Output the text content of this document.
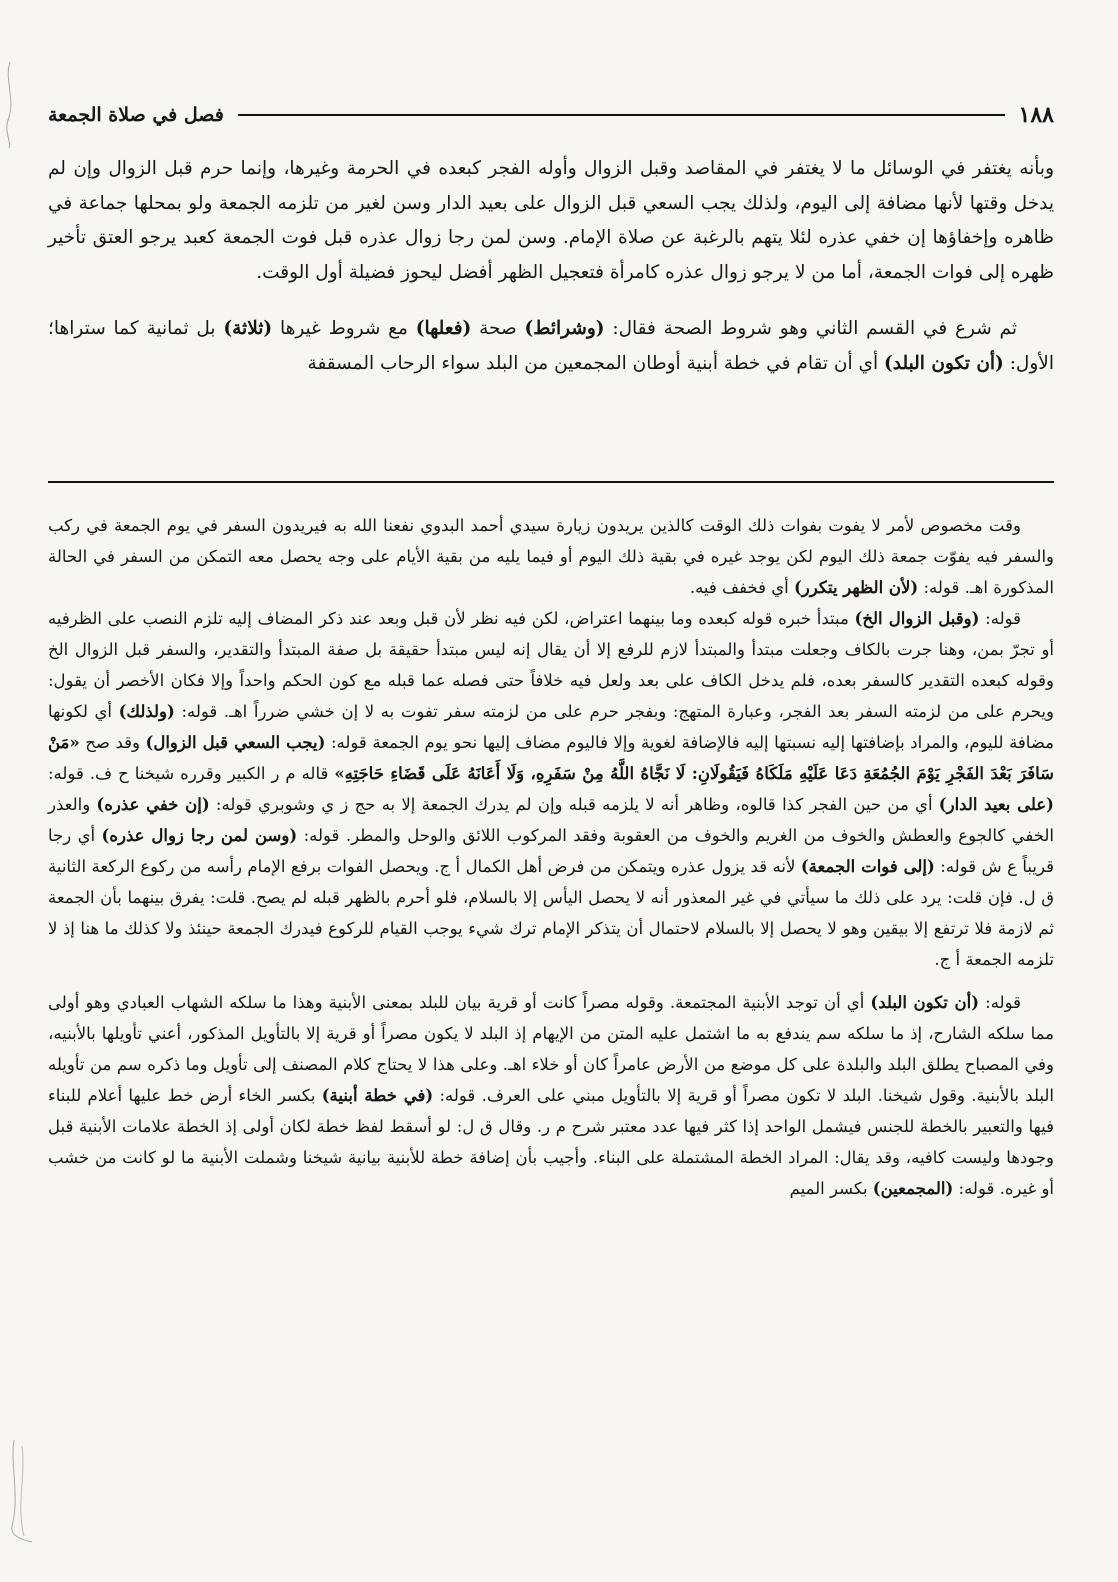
١٨٨
فصل في صلاة الجمعة

وبأنه يغتفر في الوسائل ما لا يغتفر في المقاصد وقبل الزوال وأوله الفجر كبعده في الحرمة وغيرها، وإنما حرم قبل الزوال وإن لم يدخل وقتها لأنها مضافة إلى اليوم، ولذلك يجب السعي قبل الزوال على بعيد الدار وسن لغير من تلزمه الجمعة ولو بمحلها جماعة في ظاهره وإخفاؤها إن خفي عذره لئلا يتهم بالرغبة عن صلاة الإمام. وسن لمن رجا زوال عذره قبل فوت الجمعة كعبد يرجو العتق تأخير ظهره إلى فوات الجمعة، أما من لا يرجو زوال عذره كامرأة فتعجيل الظهر أفضل ليحوز فضيلة أول الوقت.

ثم شرع في القسم الثاني وهو شروط الصحة فقال: (وشرائط) صحة (فعلها) مع شروط غيرها (ثلاثة) بل ثمانية كما ستراها؛ الأول: (أن تكون البلد) أي أن تقام في خطة أبنية أوطان المجمعين من البلد سواء الرحاب المسقفة

وقت مخصوص لأمر لا يفوت بفوات ذلك الوقت كالذين يريدون زيارة سيدي أحمد البدوي نفعنا الله به فيريدون السفر في يوم الجمعة في ركب والسفر فيه يفوّت جمعة ذلك اليوم لكن يوجد غيره في بقية ذلك اليوم أو فيما يليه من بقية الأيام على وجه يحصل معه التمكن من السفر في الحالة المذكورة اهـ. قوله: (لأن الظهر يتكرر) أي فخفف فيه.

قوله: (وقبل الزوال الخ) مبتدأ خبره قوله كبعده وما بينهما اعتراض، لكن فيه نظر لأن قبل وبعد عند ذكر المضاف إليه تلزم النصب على الظرفيه أو تجرّ بمن، وهنا جرت بالكاف وجعلت مبتدأ والمبتدأ لازم للرفع إلا أن يقال إنه ليس مبتدأ حقيقة بل صفة المبتدأ والتقدير، والسفر قبل الزوال الخ وقوله كبعده التقدير كالسفر بعده، فلم يدخل الكاف على بعد ولعل فيه خلافاً حتى فصله عما قبله مع كون الحكم واحداً وإلا فكان الأخصر أن يقول: ويحرم على من لزمته السفر بعد الفجر، وعبارة المتهج: وبفجر حرم على من لزمته سفر تفوت به لا إن خشي ضرراً اهـ. قوله: (ولذلك) أي لكونها مضافة لليوم، والمراد بإضافتها إليه نسبتها إليه فالإضافة لغوية وإلا فاليوم مضاف إليها نحو يوم الجمعة قوله: (يجب السعي قبل الزوال) وقد صح «مَنْ سَافَرَ بَعْدَ الفَجْرِ يَوْمَ الجُمُعَةِ دَعَا عَلَيْهِ مَلَكَاهُ فَيَقُولَانِ: لَا نَجَّاهُ اللَّهُ مِنْ سَفَرِهِ، وَلَا أَعَانَهُ عَلَى قَضَاءِ حَاجَتِهِ» قاله م ر الكبير وقرره شيخنا ح ف. قوله: (على بعيد الدار) أي من حين الفجر كذا قالوه، وظاهر أنه لا يلزمه قبله وإن لم يدرك الجمعة إلا به حج ز ي وشوبري قوله: (إن خفي عذره) والعذر الخفي كالجوع والعطش والخوف من الغريم والخوف من العقوبة وفقد المركوب اللائق والوحل والمطر. قوله: (وسن لمن رجا زوال عذره) أي رجا قريباً ع ش قوله: (إلى فوات الجمعة) لأنه قد يزول عذره ويتمكن من فرض أهل الكمال أ ج. ويحصل الفوات برفع الإمام رأسه من ركوع الركعة الثانية ق ل. فإن قلت: يرد على ذلك ما سيأتي في غير المعذور أنه لا يحصل اليأس إلا بالسلام، فلو أحرم بالظهر قبله لم يصح. قلت: يفرق بينهما بأن الجمعة ثم لازمة فلا ترتفع إلا بيقين وهو لا يحصل إلا بالسلام لاحتمال أن يتذكر الإمام ترك شيء يوجب القيام للركوع فيدرك الجمعة حينئذ ولا كذلك ما هنا إذ لا تلزمه الجمعة أ ج.

قوله: (أن تكون البلد) أي أن توجد الأبنية المجتمعة. وقوله مصراً كانت أو قرية بيان للبلد بمعنى الأبنية وهذا ما سلكه الشهاب العبادي وهو أولى مما سلكه الشارح، إذ ما سلكه سم يندفع به ما اشتمل عليه المتن من الإيهام إذ البلد لا يكون مصراً أو قرية إلا بالتأويل المذكور، أعني تأويلها بالأبنيه، وفي المصباح يطلق البلد والبلدة على كل موضع من الأرض عامراً كان أو خلاء اهـ. وعلى هذا لا يحتاج كلام المصنف إلى تأويل وما ذكره سم من تأويله البلد بالأبنية. وقول شيخنا. البلد لا تكون مصراً أو قرية إلا بالتأويل مبني على العرف. قوله: (في خطة أبنية) بكسر الخاء أرض خط عليها أعلام للبناء فيها والتعبير بالخطة للجنس فيشمل الواحد إذا كثر فيها عدد معتبر شرح م ر. وقال ق ل: لو أسقط لفظ خطة لكان أولى إذ الخطة علامات الأبنية قبل وجودها وليست كافيه، وقد يقال: المراد الخطة المشتملة على البناء. وأجيب بأن إضافة خطة للأبنية بيانية شيخنا وشملت الأبنية ما لو كانت من خشب أو غيره. قوله: (المجمعين) بكسر الميم
